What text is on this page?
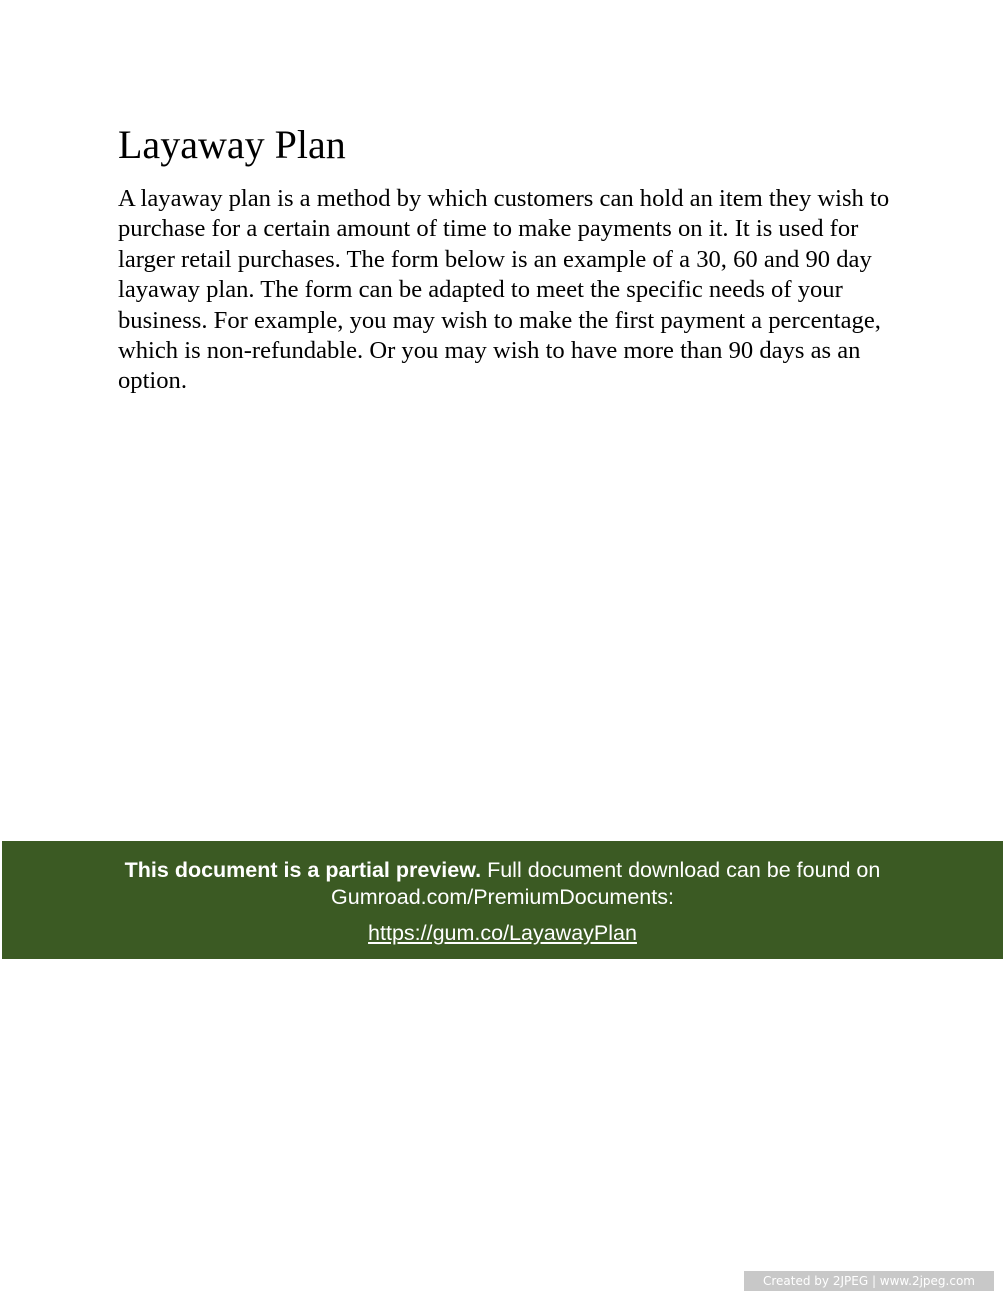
Layaway Plan

A layaway plan is a method by which customers can hold an item they wish to purchase for a certain amount of time to make payments on it. It is used for larger retail purchases. The form below is an example of a 30, 60 and 90 day layaway plan. The form can be adapted to meet the specific needs of your business. For example, you may wish to make the first payment a percentage, which is non-refundable. Or you may wish to have more than 90 days as an option.

This document is a partial preview. Full document download can be found on Gumroad.com/PremiumDocuments:
https://gum.co/LayawayPlan
Created by 2JPEG | www.2jpeg.com
